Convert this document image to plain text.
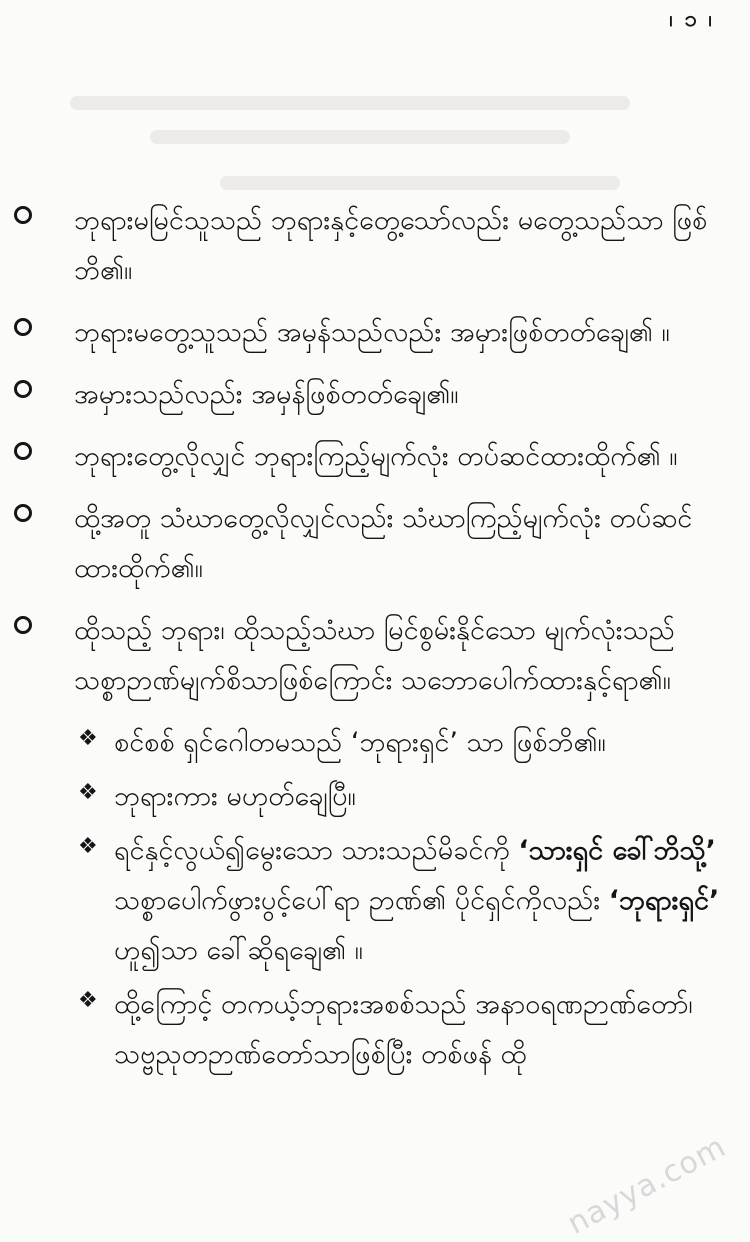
၊ ၁ ၊
ဘုရားမမြင်သူသည် ဘုရားနှင့်တွေ့သော်လည်း မတွေ့သည်သာ ဖြစ်ဘိ၏။
ဘုရားမတွေ့သူသည် အမှန်သည်လည်း အမှားဖြစ်တတ်ချေ၏ ။
အမှားသည်လည်း အမှန်ဖြစ်တတ်ချေ၏။
ဘုရားတွေ့လိုလျှင် ဘုရားကြည့်မျက်လုံး တပ်ဆင်ထားထိုက်၏ ။
ထို့အတူ သံဃာတွေ့လိုလျှင်လည်း သံဃာကြည့်မျက်လုံး တပ်ဆင်ထားထိုက်၏။
ထိုသည့် ဘုရား၊ ထိုသည့်သံဃာ မြင်စွမ်းနိုင်သော မျက်လုံးသည် သစ္စာဉာဏ်မျက်စိသာဖြစ်ကြောင်း သဘောပေါက်ထားနှင့်ရာ၏။
❖ စင်စစ် ရှင်ဂေါတမသည် ‘ဘုရားရှင်’ သာ ဖြစ်ဘိ၏။
❖ ဘုရားကား မဟုတ်ချေပြီ။
❖ ရင်နှင့်လွယ်၍မွေးသော သားသည်မိခင်ကို ‘သားရှင် ခေါ်ဘိသို့’ သစ္စာပေါက်ဖွားပွင့်ပေါ်ရာ ဉာဏ်၏ ပိုင်ရှင်ကိုလည်း ‘ဘုရားရှင်’ ဟူ၍သာ ခေါ်ဆိုရချေ၏ ။
❖ ထို့ကြောင့် တကယ့်ဘုရားအစစ်သည် အနာဝရဏဉာဏ်တော်၊ သဗ္ဗညုတဉာဏ်တော်သာဖြစ်ပြီး တစ်ဖန် ထို
nayya.com
